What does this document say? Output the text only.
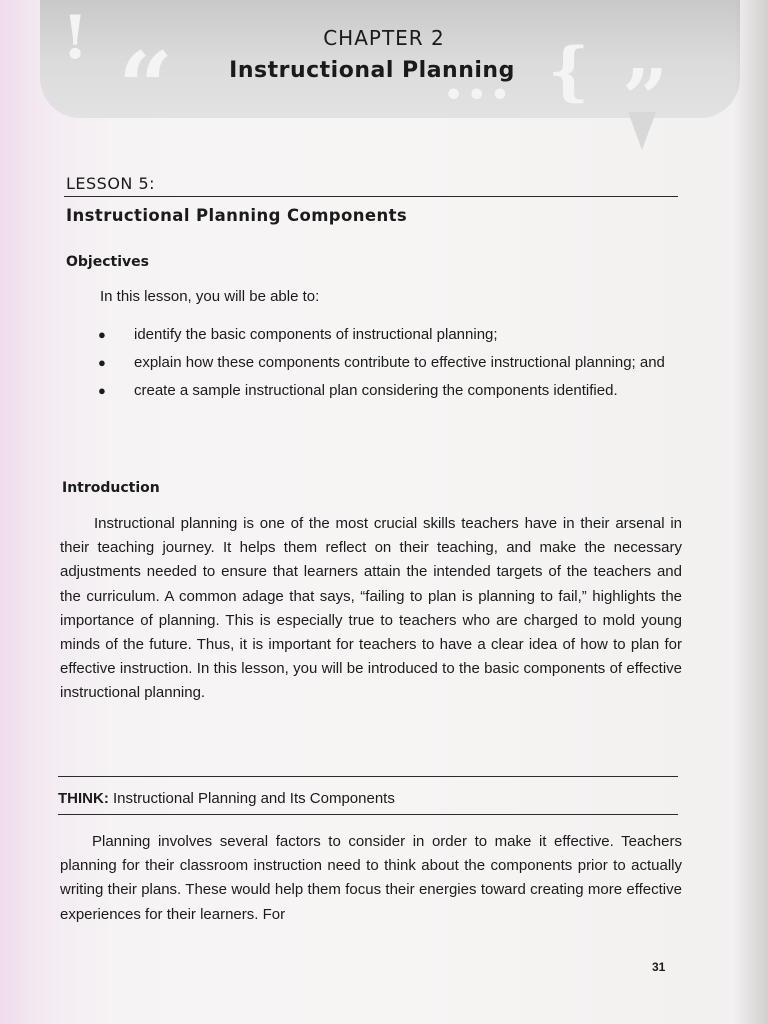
! “	••• { ”
CHAPTER 2
Instructional Planning
LESSON 5:
Instructional Planning Components
Objectives
In this lesson, you will be able to:
● identify the basic components of instructional planning;
● explain how these components contribute to effective instructional planning; and
● create a sample instructional plan considering the components identified.
Introduction

Instructional planning is one of the most crucial skills teachers have in their arsenal in their teaching journey. It helps them reflect on their teaching, and make the necessary adjustments needed to ensure that learners attain the intended targets of the teachers and the curriculum. A common adage that says, “failing to plan is planning to fail,” highlights the importance of planning. This is especially true to teachers who are charged to mold young minds of the future. Thus, it is important for teachers to have a clear idea of how to plan for effective instruction. In this lesson, you will be introduced to the basic components of effective instructional planning.

THINK: Instructional Planning and Its Components

Planning involves several factors to consider in order to make it effective. Teachers planning for their classroom instruction need to think about the components prior to actually writing their plans. These would help them focus their energies toward creating more effective experiences for their learners. For

31
